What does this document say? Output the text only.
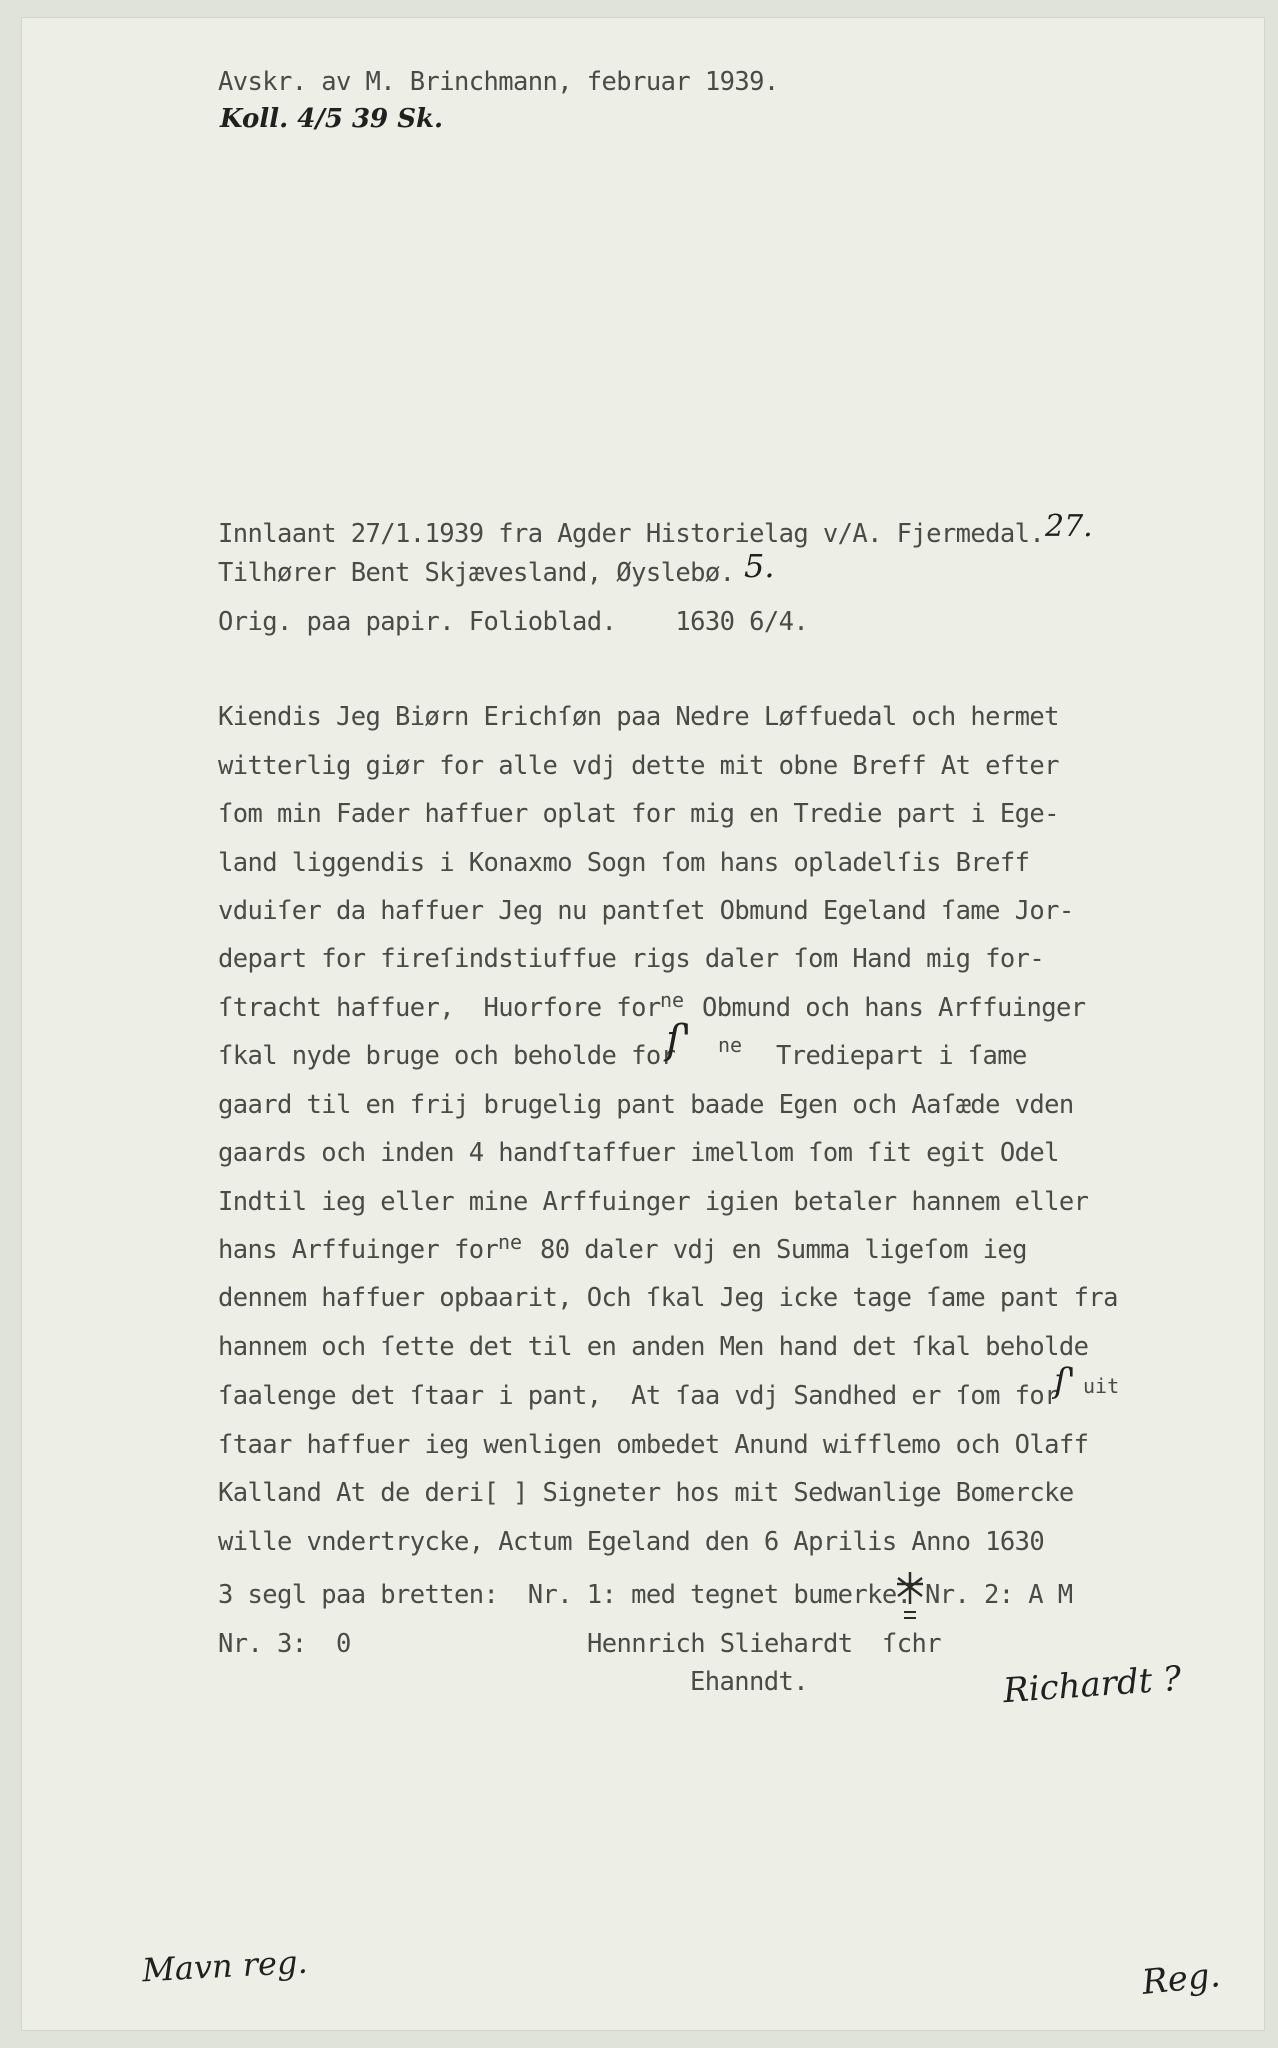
Avskr. av M. Brinchmann, februar 1939.
Koll. 4/5 39 Sk.
Innlaant 27/1.1939 fra Agder Historielag v/A. Fjermedal. 27.
Tilhører Bent Skjævesland, Øyslebø. 5.
Orig. paa papir. Folioblad.    1630 6/4.
Kiendis Jeg Biørn Erichſøn paa Nedre Løffuedal och hermet
witterlig giør for alle vdj dette mit obne Breff At efter
ſom min Fader haffuer oplat for mig en Tredie part i Ege-
land liggendis i Konaxmo Sogn ſom hans opladelſis Breff
vduiſer da haffuer Jeg nu pantſet Obmund Egeland ſame Jor-
depart for fireſindstiuffue rigs daler ſom Hand mig for-
ſtracht haffuer,  Huorfore for ne Obmund och hans Arffuinger
ſkal nyde bruge och beholde for
ſ' ne Trediepart i ſame
gaard til en frij brugelig pant baade Egen och Aaſæde vden
gaards och inden 4 handſtaffuer imellom ſom ſit egit Odel
Indtil ieg eller mine Arffuinger igien betaler hannem eller
hans Arffuinger for ne 80 daler vdj en Summa ligeſom ieg
dennem haffuer opbaarit, Och ſkal Jeg icke tage ſame pant fra
hannem och ſette det til en anden Men hand det ſkal beholde
ſaalenge det ſtaar i pant,  At ſaa vdj Sandhed er ſom for
ſ' uit
ſtaar haffuer ieg wenligen ombedet Anund wifflemo och Olaff
Kalland At de deri[ ] Signeter hos mit Sedwanlige Bomercke
wille vndertrycke, Actum Egeland den 6 Aprilis Anno 1630
3 segl paa bretten:  Nr. 1: med tegnet bumerke. Nr. 2: A M
Nr. 3:  0	Hennrich Sliehardt  ſchr
Ehanndt.	Richardt ?
Mavn reg.	Reg.
